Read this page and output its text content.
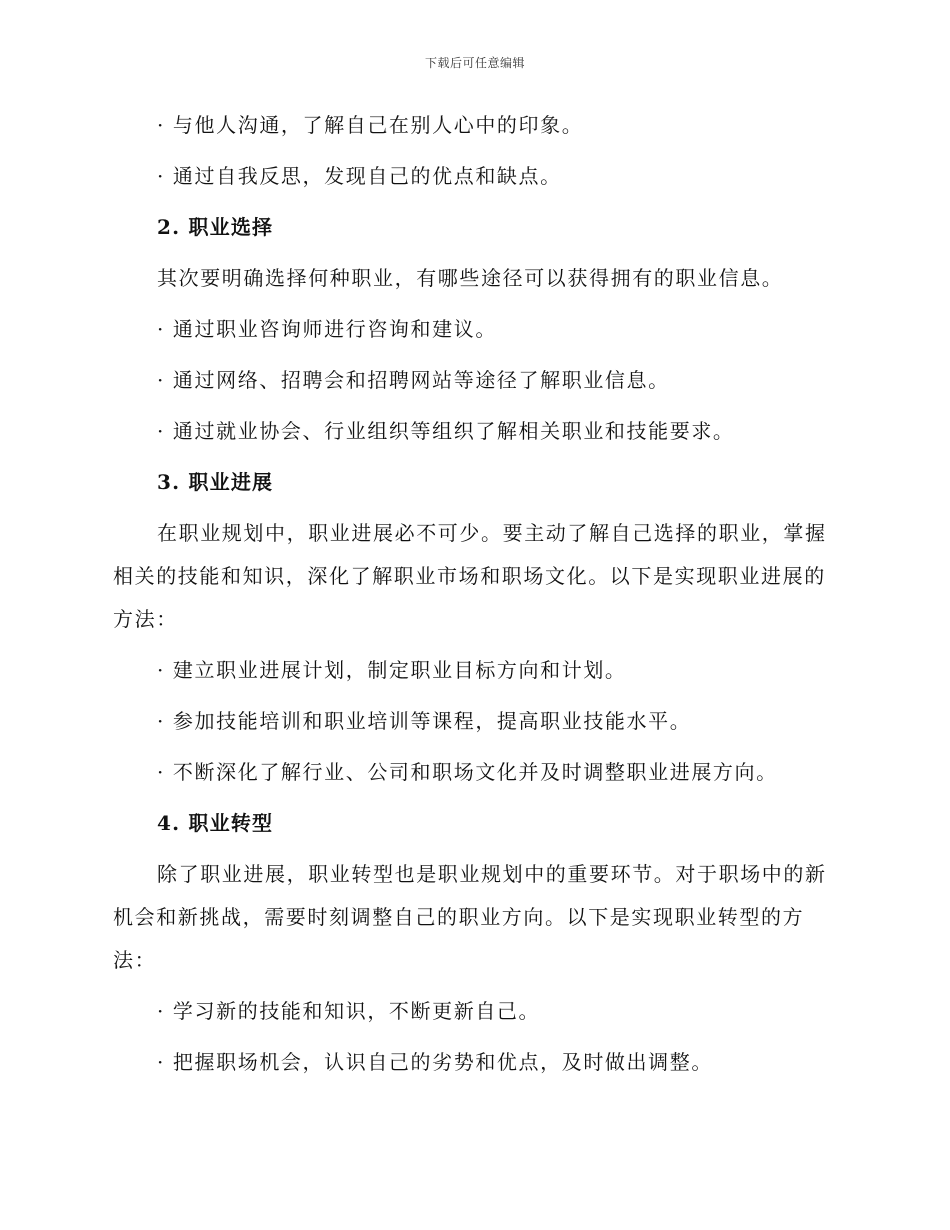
下载后可任意编辑
· 与他人沟通，了解自己在别人心中的印象。
· 通过自我反思，发现自己的优点和缺点。
2. 职业选择
其次要明确选择何种职业，有哪些途径可以获得拥有的职业信息。
· 通过职业咨询师进行咨询和建议。
· 通过网络、招聘会和招聘网站等途径了解职业信息。
· 通过就业协会、行业组织等组织了解相关职业和技能要求。
3. 职业进展
在职业规划中，职业进展必不可少。要主动了解自己选择的职业，掌握
相关的技能和知识，深化了解职业市场和职场文化。以下是实现职业进展的
方法：
· 建立职业进展计划，制定职业目标方向和计划。
· 参加技能培训和职业培训等课程，提高职业技能水平。
· 不断深化了解行业、公司和职场文化并及时调整职业进展方向。
4. 职业转型
除了职业进展，职业转型也是职业规划中的重要环节。对于职场中的新
机会和新挑战，需要时刻调整自己的职业方向。以下是实现职业转型的方
法：
· 学习新的技能和知识，不断更新自己。
· 把握职场机会，认识自己的劣势和优点，及时做出调整。
